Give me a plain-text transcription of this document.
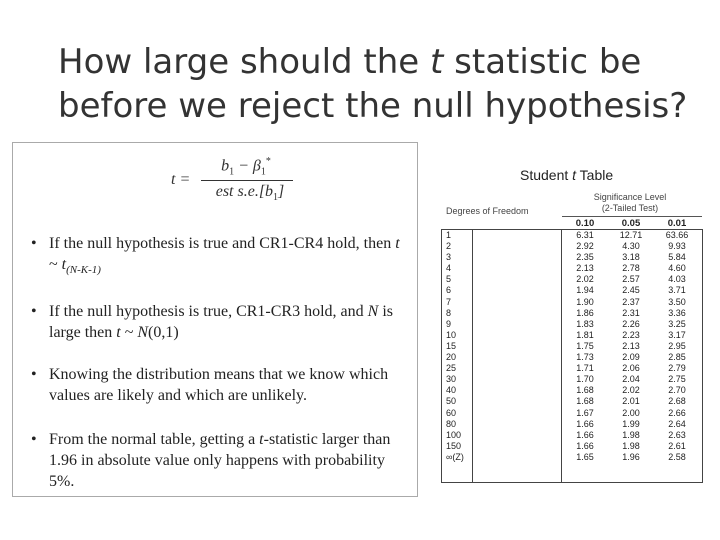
How large should the t statistic be
before we reject the null hypothesis?
t =
$b_1 - \beta_1^*$
est $s.e.[b_1]$
• If the null hypothesis is true and CR1-CR4 hold, then t ~ $t_{(N-K-1)}$
• If the null hypothesis is true, CR1-CR3 hold, and N is large then t ~ N(0,1)
• Knowing the distribution means that we know which values are likely and which are unlikely.
• From the normal table, getting a t-statistic larger than 1.96 in absolute value only happens with probability 5%.
Student t Table
Significance Level
(2-Tailed Test)
Degrees of Freedom
0.10	0.05	0.01
1	6.31	12.71	63.66
2	2.92	4.30	9.93
3	2.35	3.18	5.84
4	2.13	2.78	4.60
5	2.02	2.57	4.03
6	1.94	2.45	3.71
7	1.90	2.37	3.50
8	1.86	2.31	3.36
9	1.83	2.26	3.25
10	1.81	2.23	3.17
15	1.75	2.13	2.95
20	1.73	2.09	2.85
25	1.71	2.06	2.79
30	1.70	2.04	2.75
40	1.68	2.02	2.70
50	1.68	2.01	2.68
60	1.67	2.00	2.66
80	1.66	1.99	2.64
100	1.66	1.98	2.63
150	1.66	1.98	2.61
∞(Z)	1.65	1.96	2.58
